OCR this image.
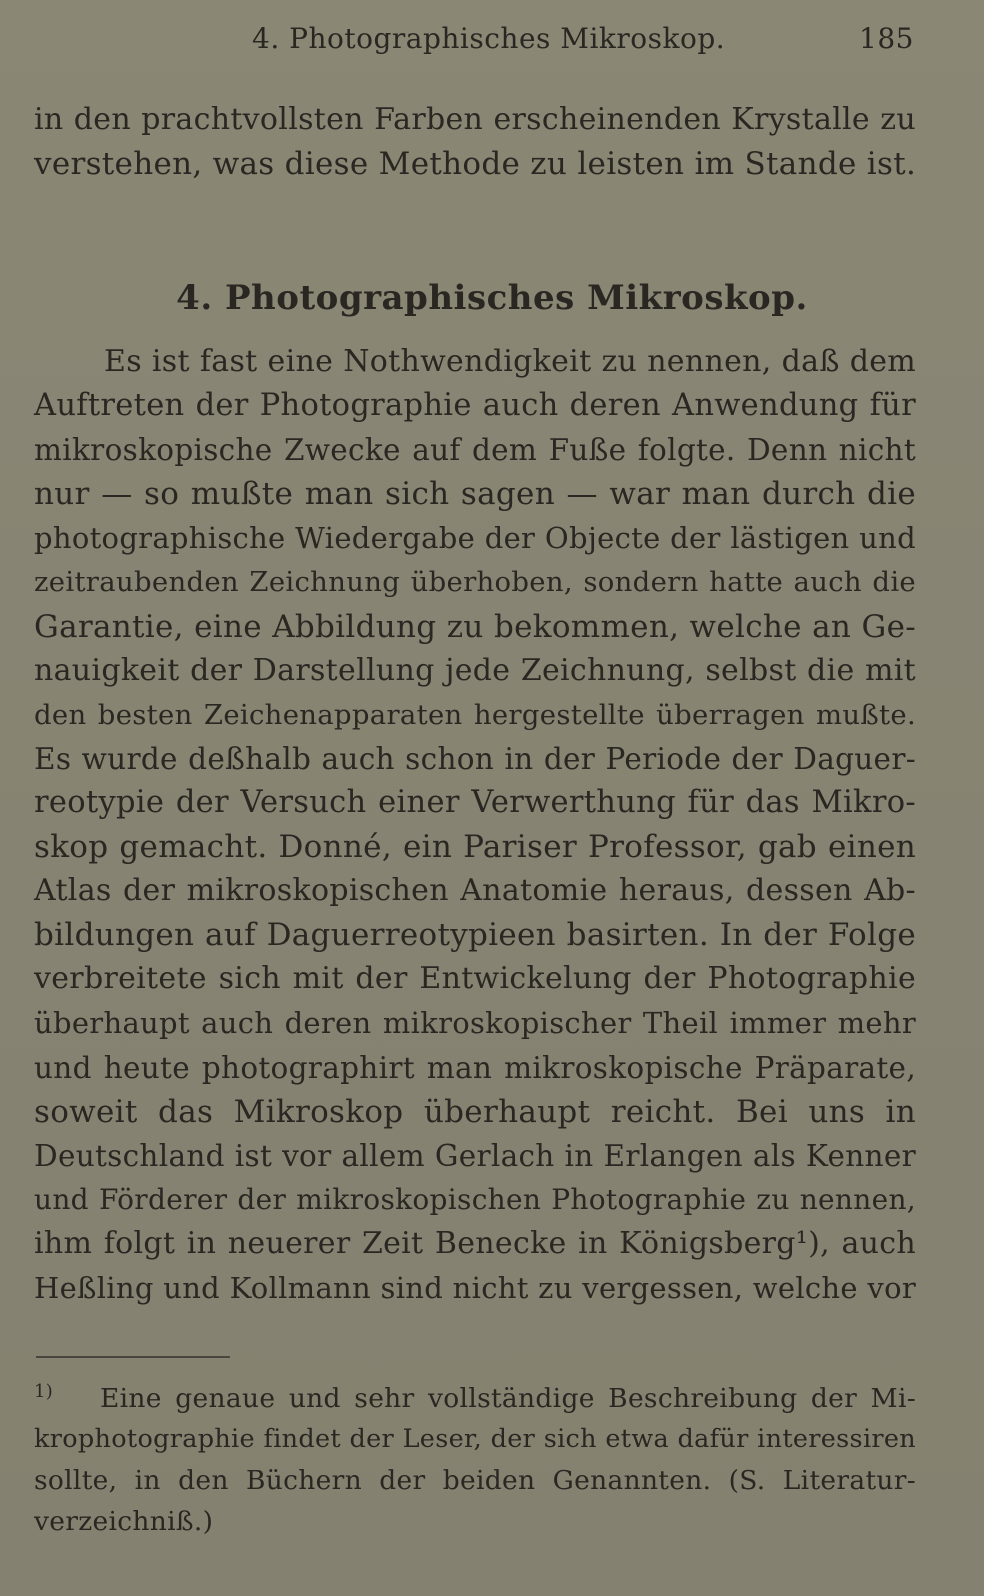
4. Photographisches Mikroskop.	185
in den prachtvollsten Farben erscheinenden Krystalle zu
verstehen, was diese Methode zu leisten im Stande ist.
4. Photographisches Mikroskop.
Es ist fast eine Nothwendigkeit zu nennen, daß dem
Auftreten der Photographie auch deren Anwendung für
mikroskopische Zwecke auf dem Fuße folgte. Denn nicht
nur — so mußte man sich sagen — war man durch die
photographische Wiedergabe der Objecte der lästigen und
zeitraubenden Zeichnung überhoben, sondern hatte auch die
Garantie, eine Abbildung zu bekommen, welche an Ge-
nauigkeit der Darstellung jede Zeichnung, selbst die mit
den besten Zeichenapparaten hergestellte überragen mußte.
Es wurde deßhalb auch schon in der Periode der Daguer-
reotypie der Versuch einer Verwerthung für das Mikro-
skop gemacht. Donné, ein Pariser Professor, gab einen
Atlas der mikroskopischen Anatomie heraus, dessen Ab-
bildungen auf Daguerreotypieen basirten. In der Folge
verbreitete sich mit der Entwickelung der Photographie
überhaupt auch deren mikroskopischer Theil immer mehr
und heute photographirt man mikroskopische Präparate,
soweit das Mikroskop überhaupt reicht. Bei uns in
Deutschland ist vor allem Gerlach in Erlangen als Kenner
und Förderer der mikroskopischen Photographie zu nennen,
ihm folgt in neuerer Zeit Benecke in Königsberg¹), auch
Heßling und Kollmann sind nicht zu vergessen, welche vor
$^{1)}$ Eine genaue und sehr vollständige Beschreibung der Mi-
krophotographie findet der Leser, der sich etwa dafür interessiren
sollte, in den Büchern der beiden Genannten. (S. Literatur-
verzeichniß.)
